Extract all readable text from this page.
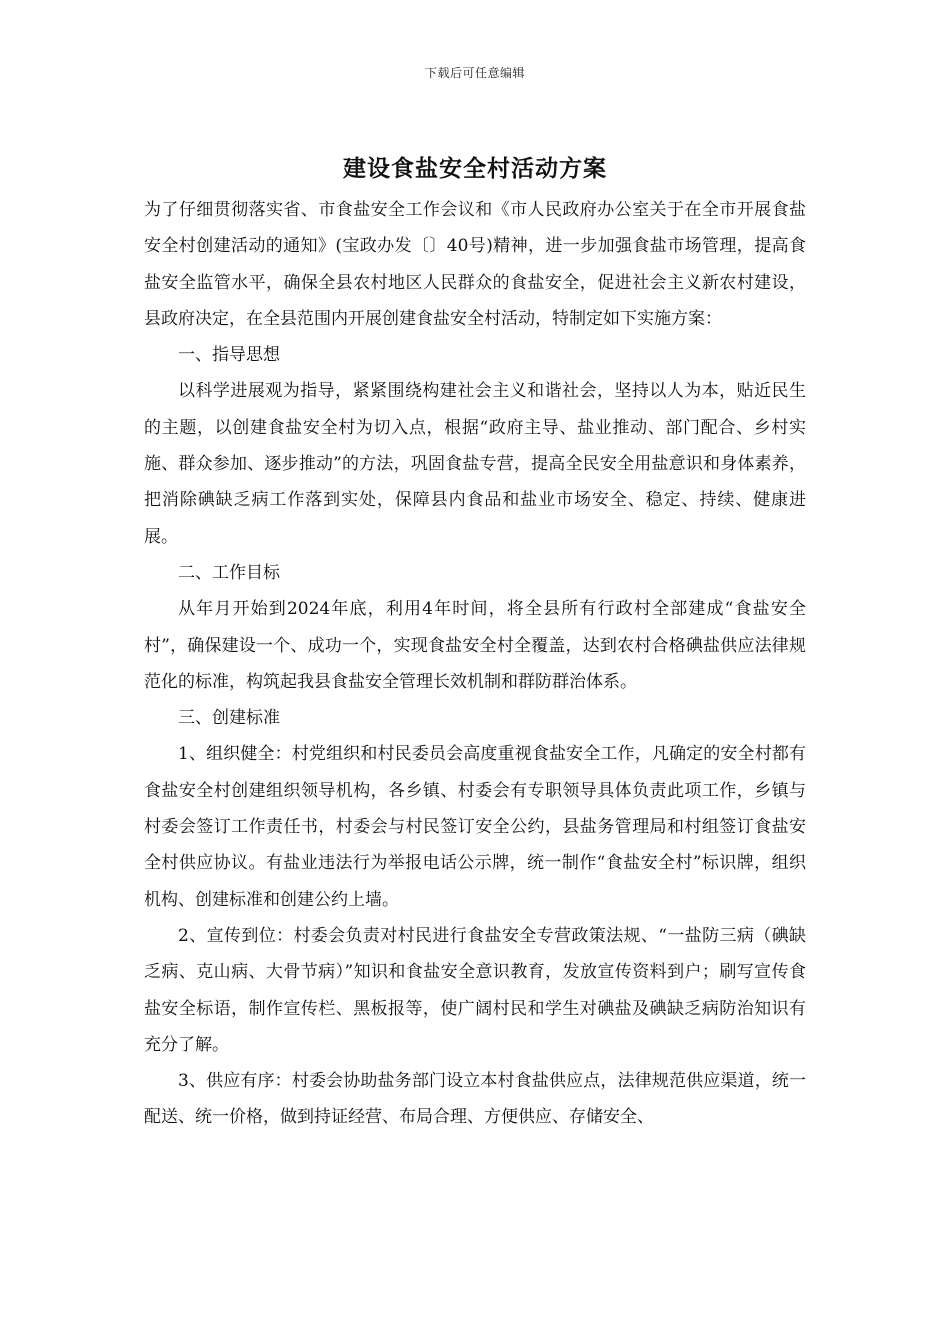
下载后可任意编辑
建设食盐安全村活动方案

为了仔细贯彻落实省、市食盐安全工作会议和《市人民政府办公室关于在全市开展食盐安全村创建活动的通知》(宝政办发〔〕40号)精神，进一步加强食盐市场管理，提高食盐安全监管水平，确保全县农村地区人民群众的食盐安全，促进社会主义新农村建设，县政府决定，在全县范围内开展创建食盐安全村活动，特制定如下实施方案：

一、指导思想

以科学进展观为指导，紧紧围绕构建社会主义和谐社会，坚持以人为本，贴近民生的主题，以创建食盐安全村为切入点，根据“政府主导、盐业推动、部门配合、乡村实施、群众参加、逐步推动”的方法，巩固食盐专营，提高全民安全用盐意识和身体素养，把消除碘缺乏病工作落到实处，保障县内食品和盐业市场安全、稳定、持续、健康进展。

二、工作目标

从年月开始到2024年底，利用4年时间，将全县所有行政村全部建成“食盐安全村”，确保建设一个、成功一个，实现食盐安全村全覆盖，达到农村合格碘盐供应法律规范化的标准，构筑起我县食盐安全管理长效机制和群防群治体系。

三、创建标准

1、组织健全：村党组织和村民委员会高度重视食盐安全工作，凡确定的安全村都有食盐安全村创建组织领导机构，各乡镇、村委会有专职领导具体负责此项工作，乡镇与村委会签订工作责任书，村委会与村民签订安全公约，县盐务管理局和村组签订食盐安全村供应协议。有盐业违法行为举报电话公示牌，统一制作“食盐安全村”标识牌，组织机构、创建标准和创建公约上墙。

2、宣传到位：村委会负责对村民进行食盐安全专营政策法规、“一盐防三病（碘缺乏病、克山病、大骨节病）”知识和食盐安全意识教育，发放宣传资料到户；刷写宣传食盐安全标语，制作宣传栏、黑板报等，使广阔村民和学生对碘盐及碘缺乏病防治知识有充分了解。

3、供应有序：村委会协助盐务部门设立本村食盐供应点，法律规范供应渠道，统一配送、统一价格，做到持证经营、布局合理、方便供应、存储安全、
